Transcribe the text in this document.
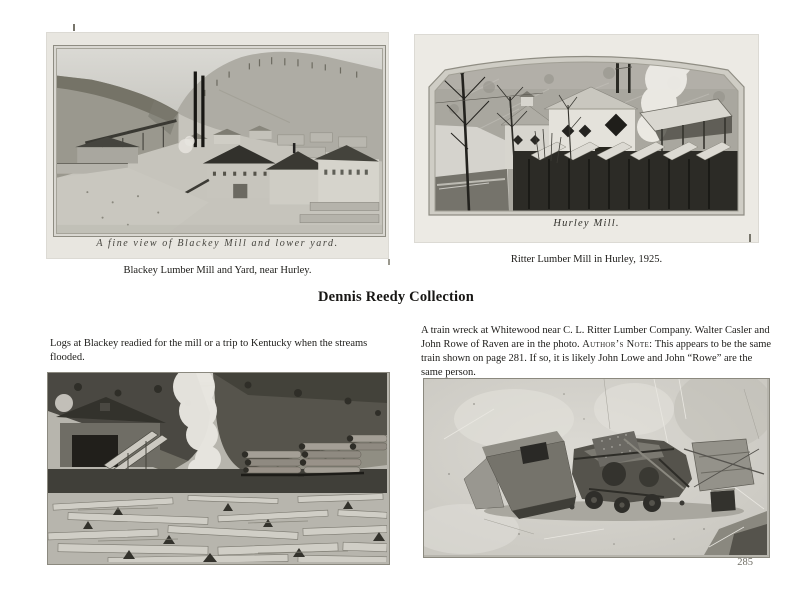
A fine view of Blackey Mill and lower yard.

Blackey Lumber Mill and Yard, near Hurley.

Hurley Mill.

Ritter Lumber Mill in Hurley, 1925.

Dennis Reedy Collection

Logs at Blackey readied for the mill or a trip to Kentucky when the streams flooded.

A train wreck at Whitewood near C. L. Ritter Lumber Company. Walter Casler and John Rowe of Raven are in the photo. Author’s Note: This appears to be the same train shown on page 281. If so, it is likely John Lowe and John “Rowe” are the same person.

285
